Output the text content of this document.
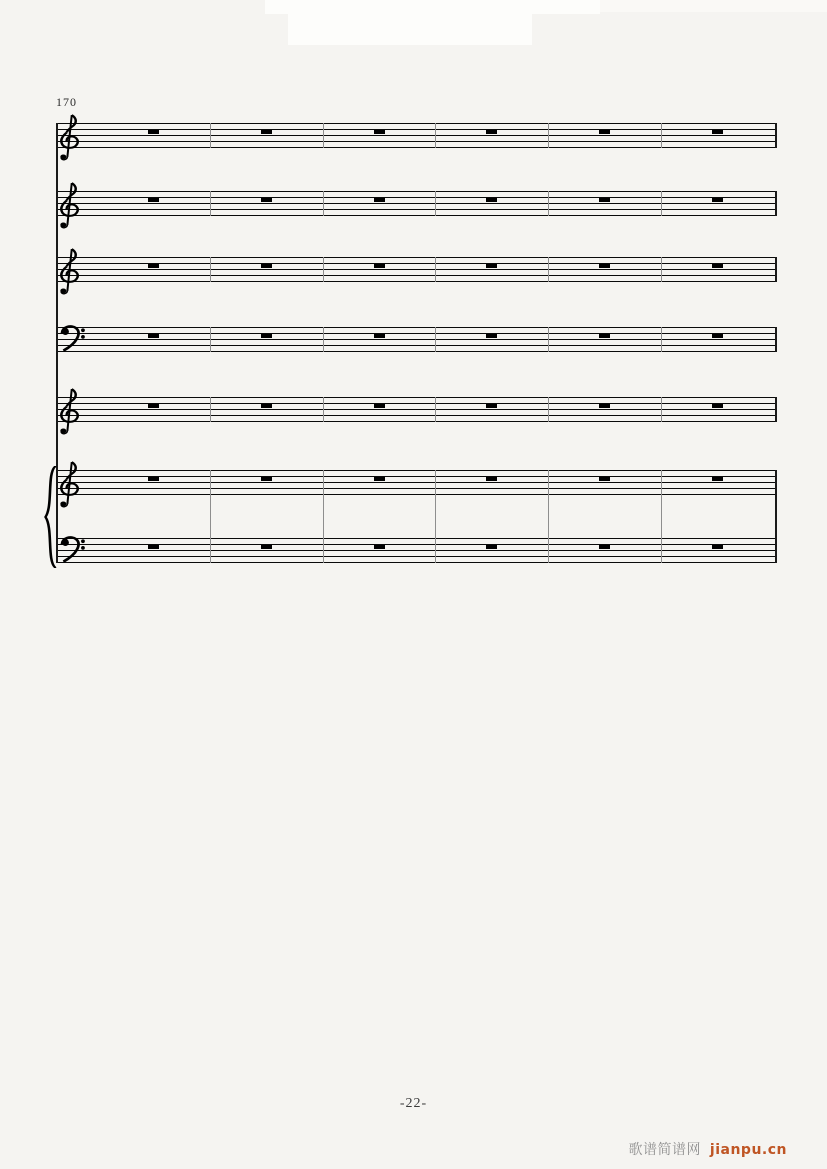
170
-22-
歌谱简谱网 jianpu.cn
